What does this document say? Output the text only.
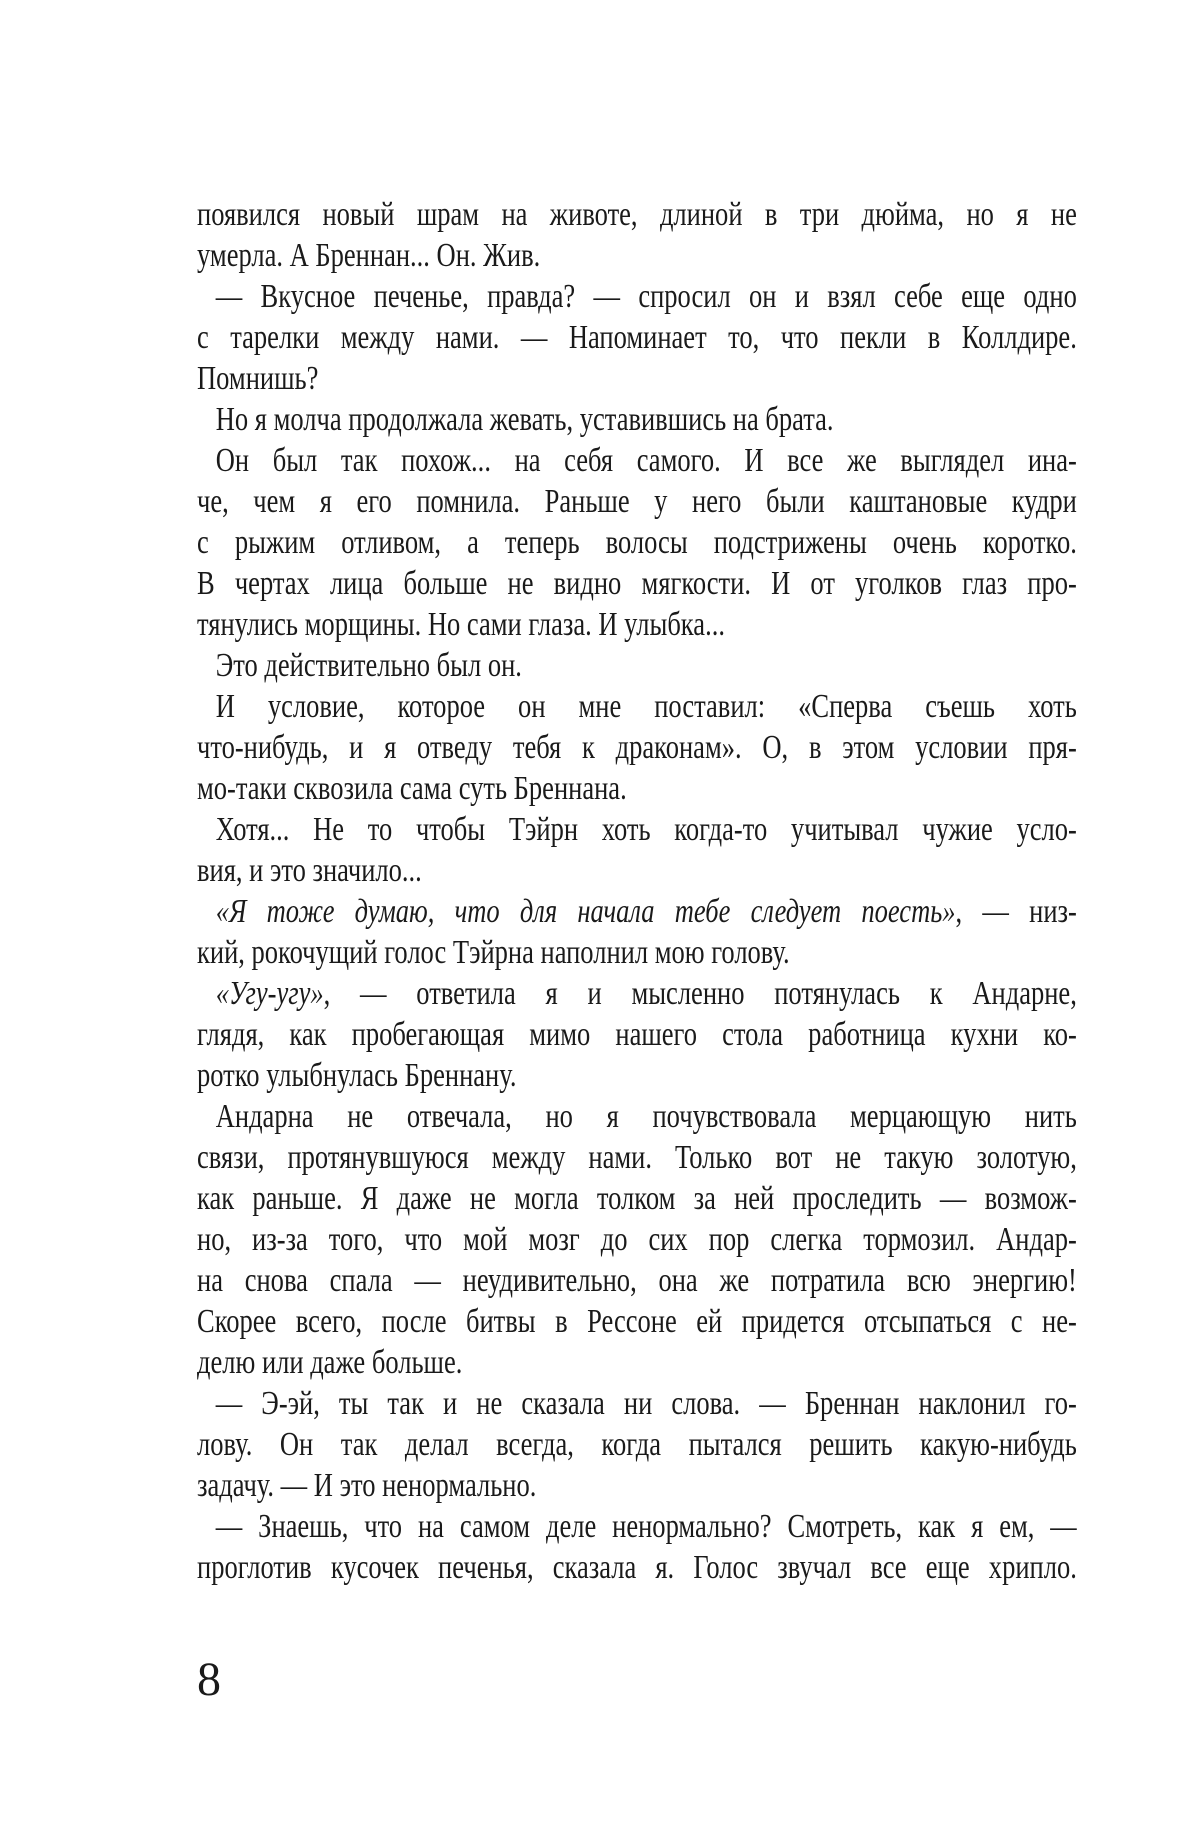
появился новый шрам на животе, длиной в три дюйма, но я не
умерла. А Бреннан... Он. Жив.
— Вкусное печенье, правда? — спросил он и взял себе еще одно
с тарелки между нами. — Напоминает то, что пекли в Коллдире.
Помнишь?
Но я молча продолжала жевать, уставившись на брата.
Он был так похож... на себя самого. И все же выглядел ина-
че, чем я его помнила. Раньше у него были каштановые кудри
с рыжим отливом, а теперь волосы подстрижены очень коротко.
В чертах лица больше не видно мягкости. И от уголков глаз про-
тянулись морщины. Но сами глаза. И улыбка...
Это действительно был он.
И условие, которое он мне поставил: «Сперва съешь хоть
что-нибудь, и я отведу тебя к драконам». О, в этом условии пря-
мо-таки сквозила сама суть Бреннана.
Хотя... Не то чтобы Тэйрн хоть когда-то учитывал чужие усло-
вия, и это значило...
«Я тоже думаю, что для начала тебе следует поесть», — низ-
кий, рокочущий голос Тэйрна наполнил мою голову.
«Угу-угу», — ответила я и мысленно потянулась к Андарне,
глядя, как пробегающая мимо нашего стола работница кухни ко-
ротко улыбнулась Бреннану.
Андарна не отвечала, но я почувствовала мерцающую нить
связи, протянувшуюся между нами. Только вот не такую золотую,
как раньше. Я даже не могла толком за ней проследить — возмож-
но, из-за того, что мой мозг до сих пор слегка тормозил. Андар-
на снова спала — неудивительно, она же потратила всю энергию!
Скорее всего, после битвы в Рессоне ей придется отсыпаться с не-
делю или даже больше.
— Э-эй, ты так и не сказала ни слова. — Бреннан наклонил го-
лову. Он так делал всегда, когда пытался решить какую-нибудь
задачу. — И это ненормально.
— Знаешь, что на самом деле ненормально? Смотреть, как я ем, —
проглотив кусочек печенья, сказала я. Голос звучал все еще хрипло.
8
